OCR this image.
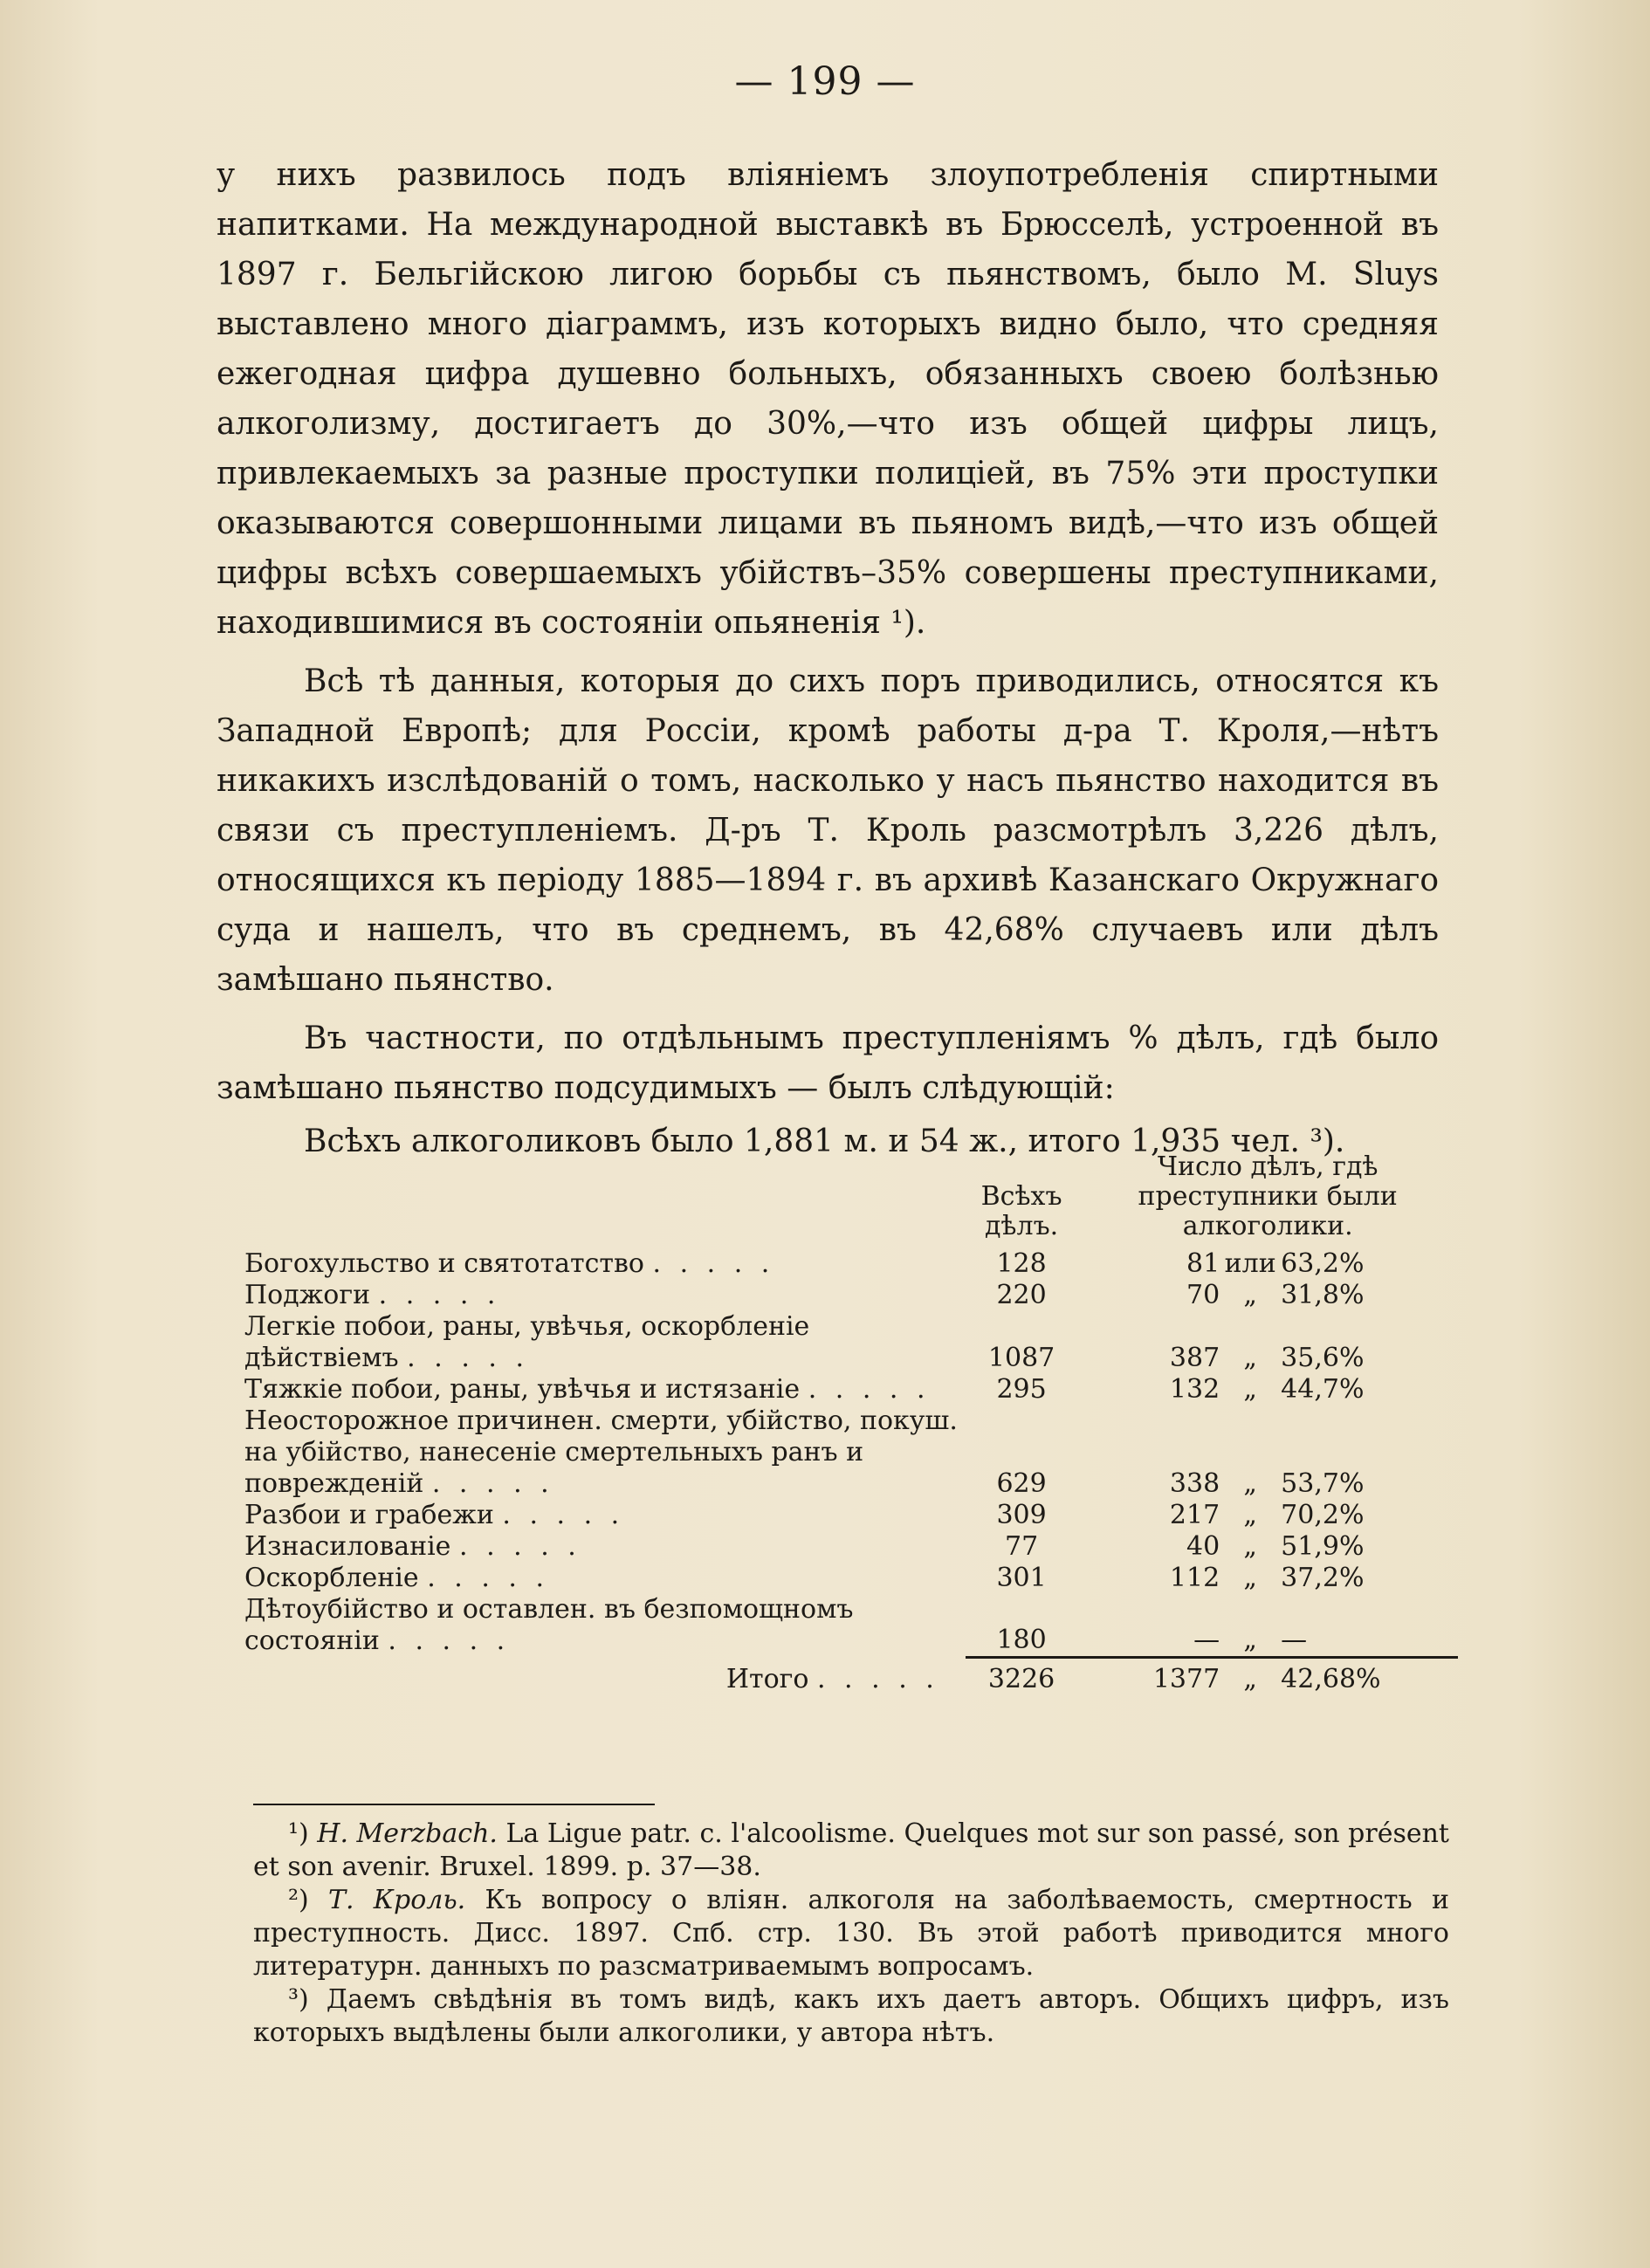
— 199 —

у нихъ развилось подъ вліяніемъ злоупотребленія спиртными напитками. На международной выставкѣ въ Брюсселѣ, устроенной въ 1897 г. Бельгійскою лигою борьбы съ пьянствомъ, было М. Sluys выставлено много діаграммъ, изъ которыхъ видно было, что средняя ежегодная цифра душевно больныхъ, обязанныхъ своею болѣзнью алкоголизму, достигаетъ до 30%,—что изъ общей цифры лицъ, привлекаемыхъ за разные проступки полиціей, въ 75% эти проступки оказываются совершонными лицами въ пьяномъ видѣ,—что изъ общей цифры всѣхъ совершаемыхъ убійствъ–35% совершены преступниками, находившимися въ состояніи опьяненія ¹).

Всѣ тѣ данныя, которыя до сихъ поръ приводились, относятся къ Западной Европѣ; для Россіи, кромѣ работы д-ра Т. Кроля,—нѣтъ никакихъ изслѣдованій о томъ, насколько у насъ пьянство находится въ связи съ преступленіемъ. Д-ръ Т. Кроль разсмотрѣлъ 3,226 дѣлъ, относящихся къ періоду 1885—1894 г. въ архивѣ Казанскаго Окружнаго суда и нашелъ, что въ среднемъ, въ 42,68% случаевъ или дѣлъ замѣшано пьянство.

Въ частности, по отдѣльнымъ преступленіямъ % дѣлъ, гдѣ было замѣшано пьянство подсудимыхъ — былъ слѣдующій:

Всѣхъ алкоголиковъ было 1,881 м. и 54 ж., итого 1,935 чел. ³).

	Всѣхъ дѣлъ.	Число дѣлъ, гдѣ преступники были алкоголики.
Богохульство и святотатство . . . . .	128	81 или 63,2%
Поджоги . . . . .	220	70 „ 31,8%
Легкіе побои, раны, увѣчья, оскорбленіе дѣйствіемъ . . . . .	1087	387 „ 35,6%
Тяжкіе побои, раны, увѣчья и истязаніе . . . . .	295	132 „ 44,7%
Неосторожное причинен. смерти, убійство, покуш. на убійство, нанесеніе смертельныхъ ранъ и поврежденій . . . . .	629	338 „ 53,7%
Разбои и грабежи . . . . .	309	217 „ 70,2%
Изнасилованіе . . . . .	77	40 „ 51,9%
Оскорбленіе . . . . .	301	112 „ 37,2%
Дѣтоубійство и оставлен. въ безпомощномъ состояніи . . . . .	180	— „ —
Итого . . . . .	3226	1377 „ 42,68%

¹) H. Merzbach. La Ligue patr. c. l'alcoolisme. Quelques mot sur son passé, son présent et son avenir. Bruxel. 1899. p. 37—38.

²) Т. Кроль. Къ вопросу о вліян. алкоголя на заболѣваемость, смертность и преступность. Дисс. 1897. Спб. стр. 130. Въ этой работѣ приводится много литературн. данныхъ по разсматриваемымъ вопросамъ.

³) Даемъ свѣдѣнія въ томъ видѣ, какъ ихъ даетъ авторъ. Общихъ цифръ, изъ которыхъ выдѣлены были алкоголики, у автора нѣтъ.
